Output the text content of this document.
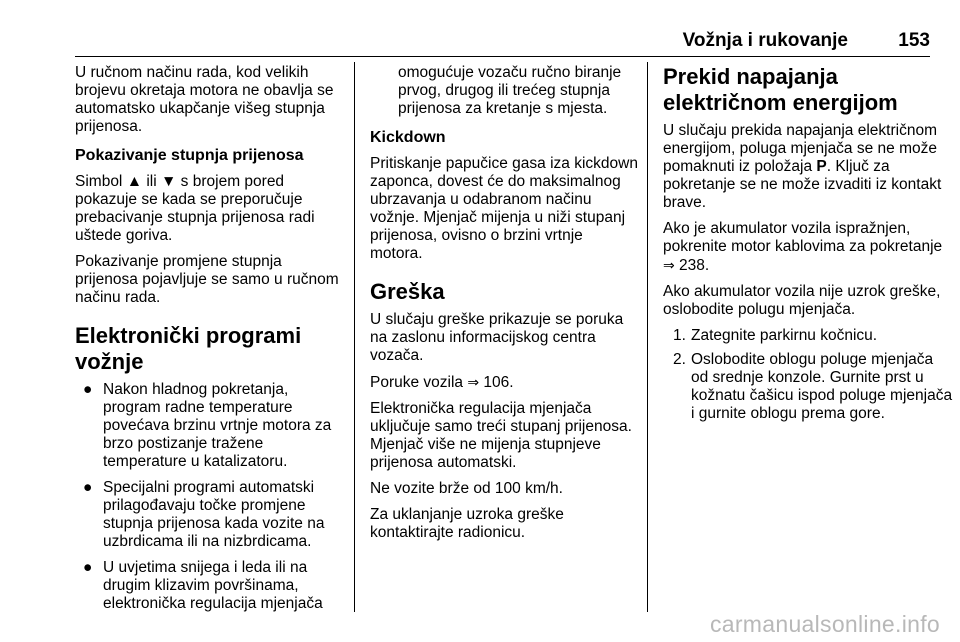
Vožnja i rukovanje	153

U ručnom načinu rada, kod velikih brojevu okretaja motora ne obavlja se automatsko ukapčanje višeg stupnja prijenosa.

Pokazivanje stupnja prijenosa

Simbol ▲ ili ▼ s brojem pored pokazuje se kada se preporučuje prebacivanje stupnja prijenosa radi uštede goriva.

Pokazivanje promjene stupnja prijenosa pojavljuje se samo u ručnom načinu rada.

Elektronički programi vožnje
● Nakon hladnog pokretanja, program radne temperature povećava brzinu vrtnje motora za brzo postizanje tražene temperature u katalizatoru.
● Specijalni programi automatski prilagođavaju točke promjene stupnja prijenosa kada vozite na uzbrdicama ili na nizbrdicama.
● U uvjetima snijega i leda ili na drugim klizavim površinama, elektronička regulacija mjenjača

omogućuje vozaču ručno biranje prvog, drugog ili trećeg stupnja prijenosa za kretanje s mjesta.

Kickdown

Pritiskanje papučice gasa iza kickdown zaponca, dovest će do maksimalnog ubrzavanja u odabranom načinu vožnje. Mjenjač mijenja u niži stupanj prijenosa, ovisno o brzini vrtnje motora.

Greška

U slučaju greške prikazuje se poruka na zaslonu informacijskog centra vozača.

Poruke vozila ⇒ 106.

Elektronička regulacija mjenjača uključuje samo treći stupanj prijenosa. Mjenjač više ne mijenja stupnjeve prijenosa automatski.

Ne vozite brže od 100 km/h.

Za uklanjanje uzroka greške kontaktirajte radionicu.

Prekid napajanja električnom energijom

U slučaju prekida napajanja električnom energijom, poluga mjenjača se ne može pomaknuti iz položaja P. Ključ za pokretanje se ne može izvaditi iz kontakt brave.

Ako je akumulator vozila ispražnjen, pokrenite motor kablovima za pokretanje ⇒ 238.

Ako akumulator vozila nije uzrok greške, oslobodite polugu mjenjača.

1. Zategnite parkirnu kočnicu.
2. Oslobodite oblogu poluge mjenjača od srednje konzole. Gurnite prst u kožnatu čašicu ispod poluge mjenjača i gurnite oblogu prema gore.
carmanualsonline.info
